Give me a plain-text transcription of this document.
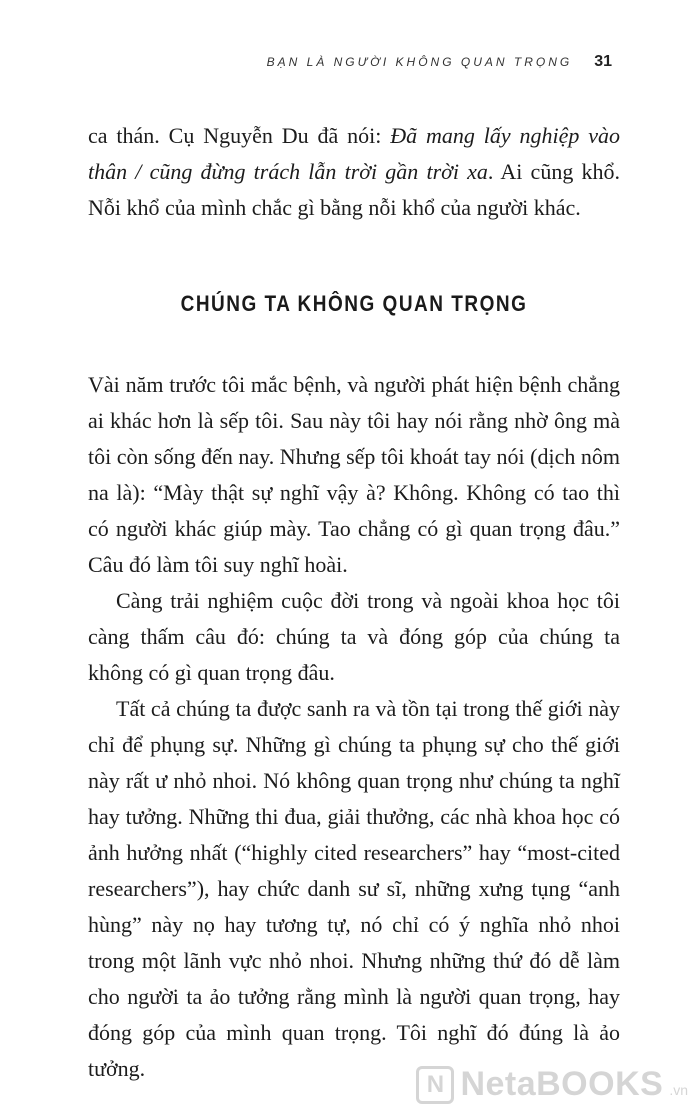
BẠN LÀ NGƯỜI KHÔNG QUAN TRỌNG 31

ca thán. Cụ Nguyễn Du đã nói: Đã mang lấy nghiệp vào thân / cũng đừng trách lẫn trời gần trời xa. Ai cũng khổ. Nỗi khổ của mình chắc gì bằng nỗi khổ của người khác.

CHÚNG TA KHÔNG QUAN TRỌNG

Vài năm trước tôi mắc bệnh, và người phát hiện bệnh chẳng ai khác hơn là sếp tôi. Sau này tôi hay nói rằng nhờ ông mà tôi còn sống đến nay. Nhưng sếp tôi khoát tay nói (dịch nôm na là): “Mày thật sự nghĩ vậy à? Không. Không có tao thì có người khác giúp mày. Tao chẳng có gì quan trọng đâu.” Câu đó làm tôi suy nghĩ hoài.

Càng trải nghiệm cuộc đời trong và ngoài khoa học tôi càng thấm câu đó: chúng ta và đóng góp của chúng ta không có gì quan trọng đâu.

Tất cả chúng ta được sanh ra và tồn tại trong thế giới này chỉ để phụng sự. Những gì chúng ta phụng sự cho thế giới này rất ư nhỏ nhoi. Nó không quan trọng như chúng ta nghĩ hay tưởng. Những thi đua, giải thưởng, các nhà khoa học có ảnh hưởng nhất (“highly cited researchers” hay “most-cited researchers”), hay chức danh sư sĩ, những xưng tụng “anh hùng” này nọ hay tương tự, nó chỉ có ý nghĩa nhỏ nhoi trong một lãnh vực nhỏ nhoi. Nhưng những thứ đó dễ làm cho người ta ảo tưởng rằng mình là người quan trọng, hay đóng góp của mình quan trọng. Tôi nghĩ đó đúng là ảo tưởng.

N NetaBOOKS .vn
